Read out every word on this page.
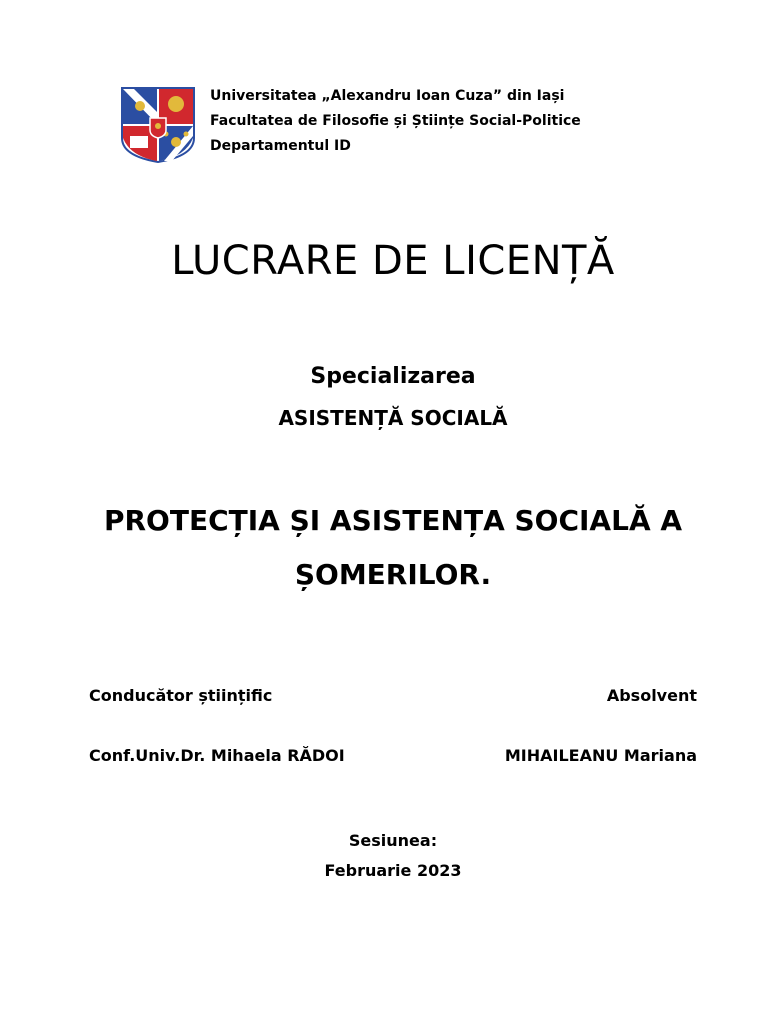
Universitatea „Alexandru Ioan Cuza” din Iași
Facultatea de Filosofie și Științe Social-Politice
Departamentul ID
LUCRARE DE LICENȚĂ
Specializarea
ASISTENȚĂ SOCIALĂ
PROTECȚIA ȘI ASISTENȚA SOCIALĂ A ȘOMERILOR.
Conducător științific	Absolvent
Conf.Univ.Dr. Mihaela RĂDOI	MIHAILEANU Mariana
Sesiunea:
Februarie 2023
